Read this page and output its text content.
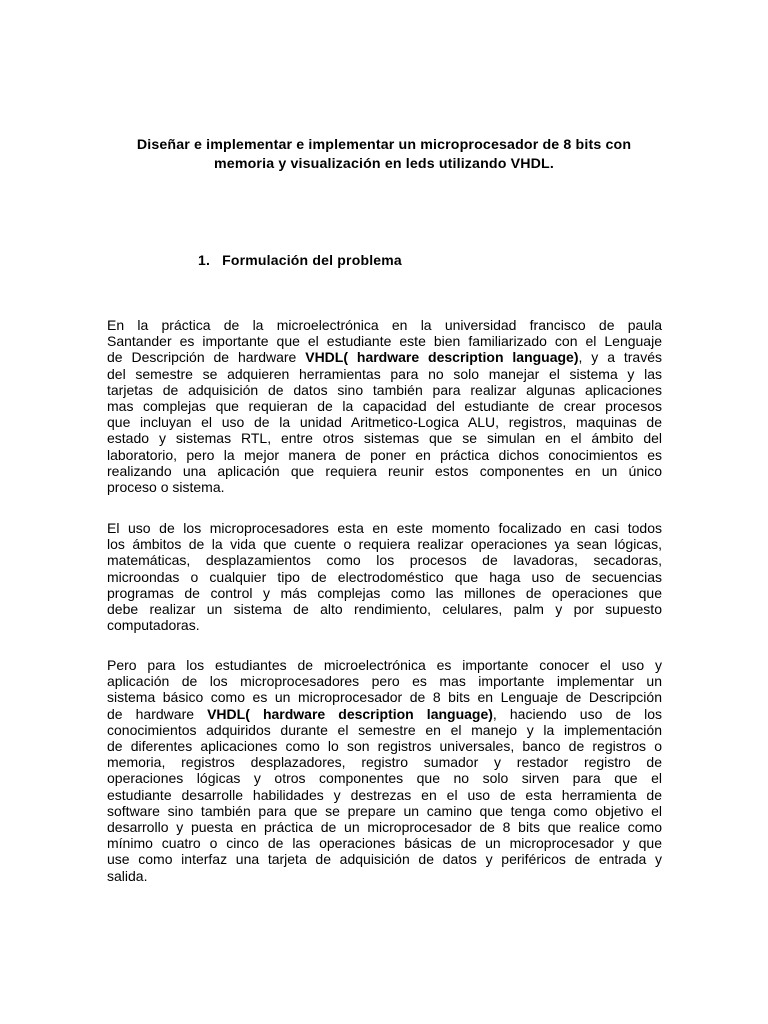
Diseñar e implementar e implementar un microprocesador de 8 bits con
memoria y visualización en leds utilizando VHDL.
1. Formulación del problema
En la práctica de la microelectrónica en la universidad francisco de paula
Santander es importante que el estudiante este bien familiarizado con el Lenguaje
de Descripción de hardware VHDL( hardware description language), y a través
del semestre se adquieren herramientas para no solo manejar el sistema y las
tarjetas de adquisición de datos sino también para realizar algunas aplicaciones
mas complejas que requieran de la capacidad del estudiante de crear procesos
que incluyan el uso de la unidad Aritmetico-Logica ALU, registros, maquinas de
estado y sistemas RTL, entre otros sistemas que se simulan en el ámbito del
laboratorio, pero la mejor manera de poner en práctica dichos conocimientos es
realizando una aplicación que requiera reunir estos componentes en un único
proceso o sistema.
El uso de los microprocesadores esta en este momento focalizado en casi todos
los ámbitos de la vida que cuente o requiera realizar operaciones ya sean lógicas,
matemáticas, desplazamientos como los procesos de lavadoras, secadoras,
microondas o cualquier tipo de electrodoméstico que haga uso de secuencias
programas de control y más complejas como las millones de operaciones que
debe realizar un sistema de alto rendimiento, celulares, palm y por supuesto
computadoras.
Pero para los estudiantes de microelectrónica es importante conocer el uso y
aplicación de los microprocesadores pero es mas importante implementar un
sistema básico como es un microprocesador de 8 bits en Lenguaje de Descripción
de hardware VHDL( hardware description language), haciendo uso de los
conocimientos adquiridos durante el semestre en el manejo y la implementación
de diferentes aplicaciones como lo son registros universales, banco de registros o
memoria, registros desplazadores, registro sumador y restador registro de
operaciones lógicas y otros componentes que no solo sirven para que el
estudiante desarrolle habilidades y destrezas en el uso de esta herramienta de
software sino también para que se prepare un camino que tenga como objetivo el
desarrollo y puesta en práctica de un microprocesador de 8 bits que realice como
mínimo cuatro o cinco de las operaciones básicas de un microprocesador y que
use como interfaz una tarjeta de adquisición de datos y periféricos de entrada y
salida.
